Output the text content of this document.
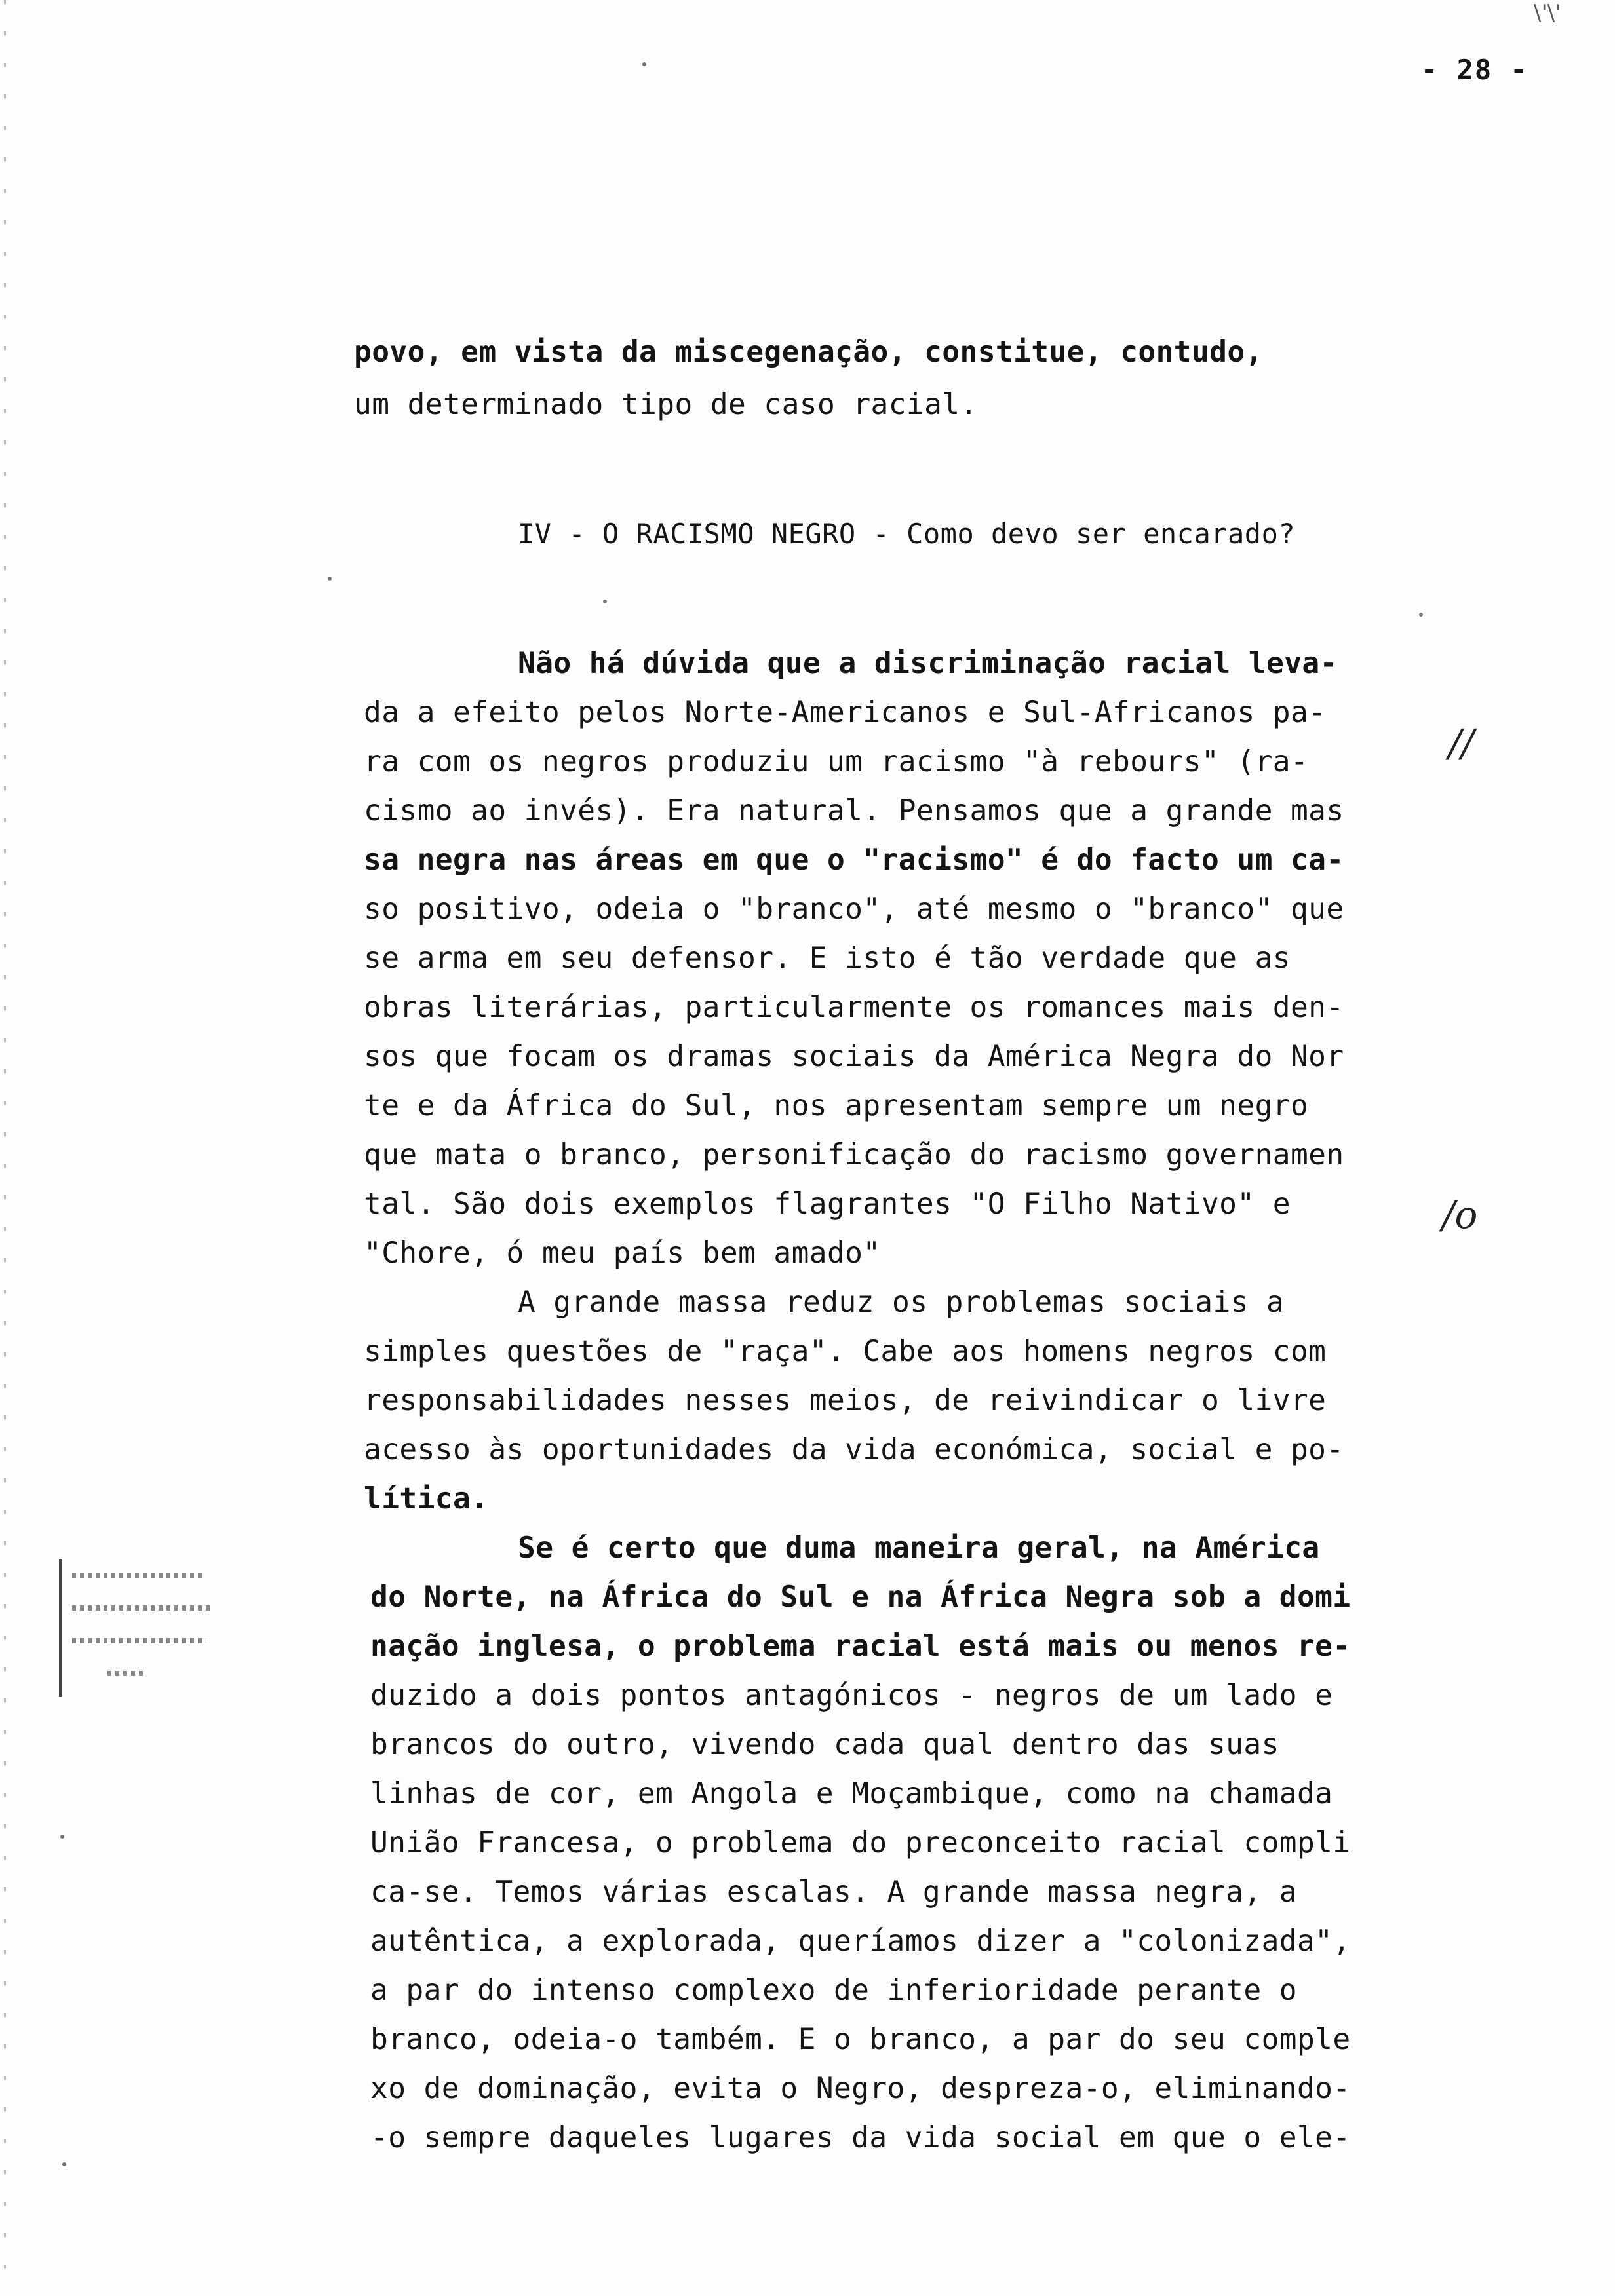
\'\'
- 28 -
povo, em vista da miscegenação, constitue, contudo,
um determinado tipo de caso racial.
IV - O RACISMO NEGRO - Como devo ser encarado?
Não há dúvida que a discriminação racial leva-
da a efeito pelos Norte-Americanos e Sul-Africanos pa-
ra com os negros produziu um racismo "à rebours" (ra-
cismo ao invés). Era natural. Pensamos que a grande mas
sa negra nas áreas em que o "racismo" é do facto um ca-
so positivo, odeia o "branco", até mesmo o "branco" que
se arma em seu defensor. E isto é tão verdade que as
obras literárias, particularmente os romances mais den-
sos que focam os dramas sociais da América Negra do Nor
te e da África do Sul, nos apresentam sempre um negro
que mata o branco, personificação do racismo governamen
tal. São dois exemplos flagrantes "O Filho Nativo" e
"Chore, ó meu país bem amado"
A grande massa reduz os problemas sociais a
simples questões de "raça". Cabe aos homens negros com
responsabilidades nesses meios, de reivindicar o livre
acesso às oportunidades da vida económica, social e po-
lítica.
Se é certo que duma maneira geral, na América
do Norte, na África do Sul e na África Negra sob a domi
nação inglesa, o problema racial está mais ou menos re-
duzido a dois pontos antagónicos - negros de um lado e
brancos do outro, vivendo cada qual dentro das suas
linhas de cor, em Angola e Moçambique, como na chamada
União Francesa, o problema do preconceito racial compli
ca-se. Temos várias escalas. A grande massa negra, a
autêntica, a explorada, queríamos dizer a "colonizada",
a par do intenso complexo de inferioridade perante o
branco, odeia-o também. E o branco, a par do seu comple
xo de dominação, evita o Negro, despreza-o, eliminando-
-o sempre daqueles lugares da vida social em que o ele-
//
/o
